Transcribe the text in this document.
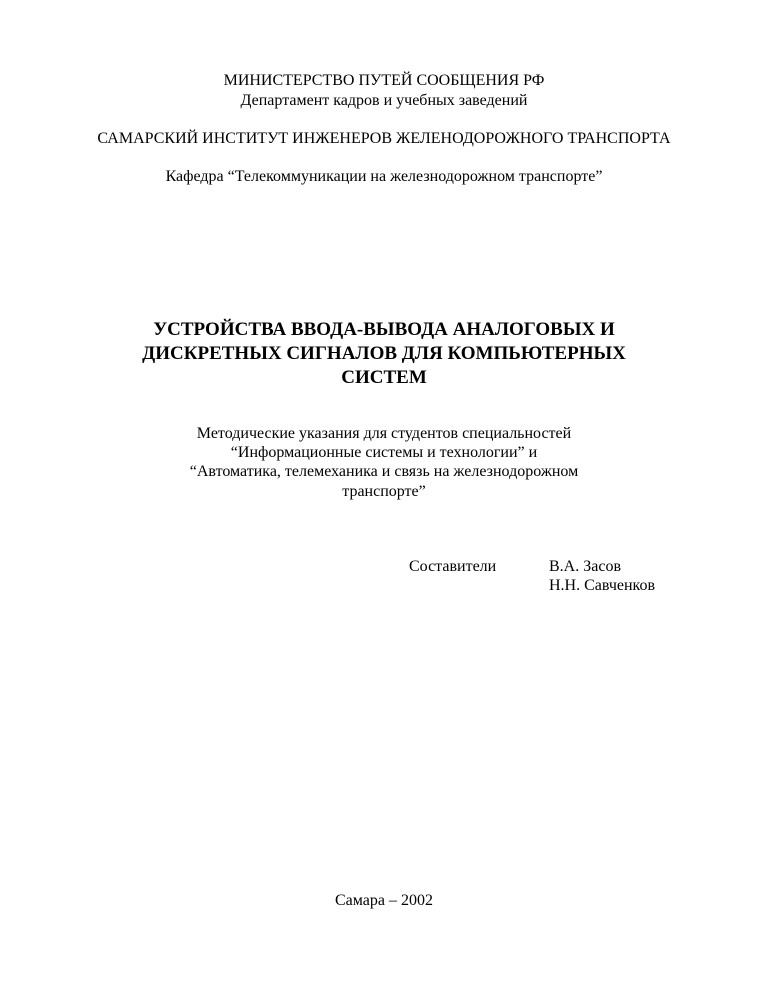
МИНИСТЕРСТВО ПУТЕЙ СООБЩЕНИЯ РФ
Департамент кадров и учебных заведений
САМАРСКИЙ ИНСТИТУТ ИНЖЕНЕРОВ ЖЕЛЕНОДОРОЖНОГО ТРАНСПОРТА
Кафедра “Телекоммуникации на железнодорожном транспорте”
УСТРОЙСТВА ВВОДА-ВЫВОДА АНАЛОГОВЫХ И
ДИСКРЕТНЫХ СИГНАЛОВ ДЛЯ КОМПЬЮТЕРНЫХ
СИСТЕМ
Методические указания для студентов специальностей
“Информационные системы и технологии” и
“Автоматика, телемеханика и связь на железнодорожном
транспорте”
Составители	В.А. Засов
Н.Н. Савченков
Самара – 2002
